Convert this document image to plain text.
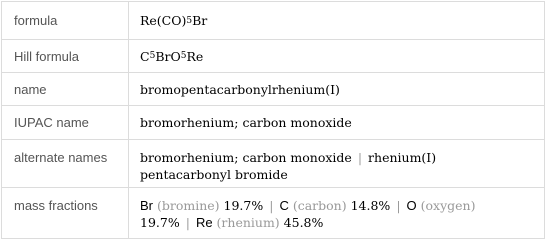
formula	Re(CO) 5 Br
Hill formula	C 5 BrO 5 Re
name	bromopentacarbonylrhenium(I)
IUPAC name	bromorhenium; carbon monoxide
alternate names	bromorhenium; carbon monoxide | rhenium(I)
pentacarbonyl bromide
mass fractions	Br (bromine) 19.7% | C (carbon) 14.8% | O (oxygen)
19.7% | Re (rhenium) 45.8%
